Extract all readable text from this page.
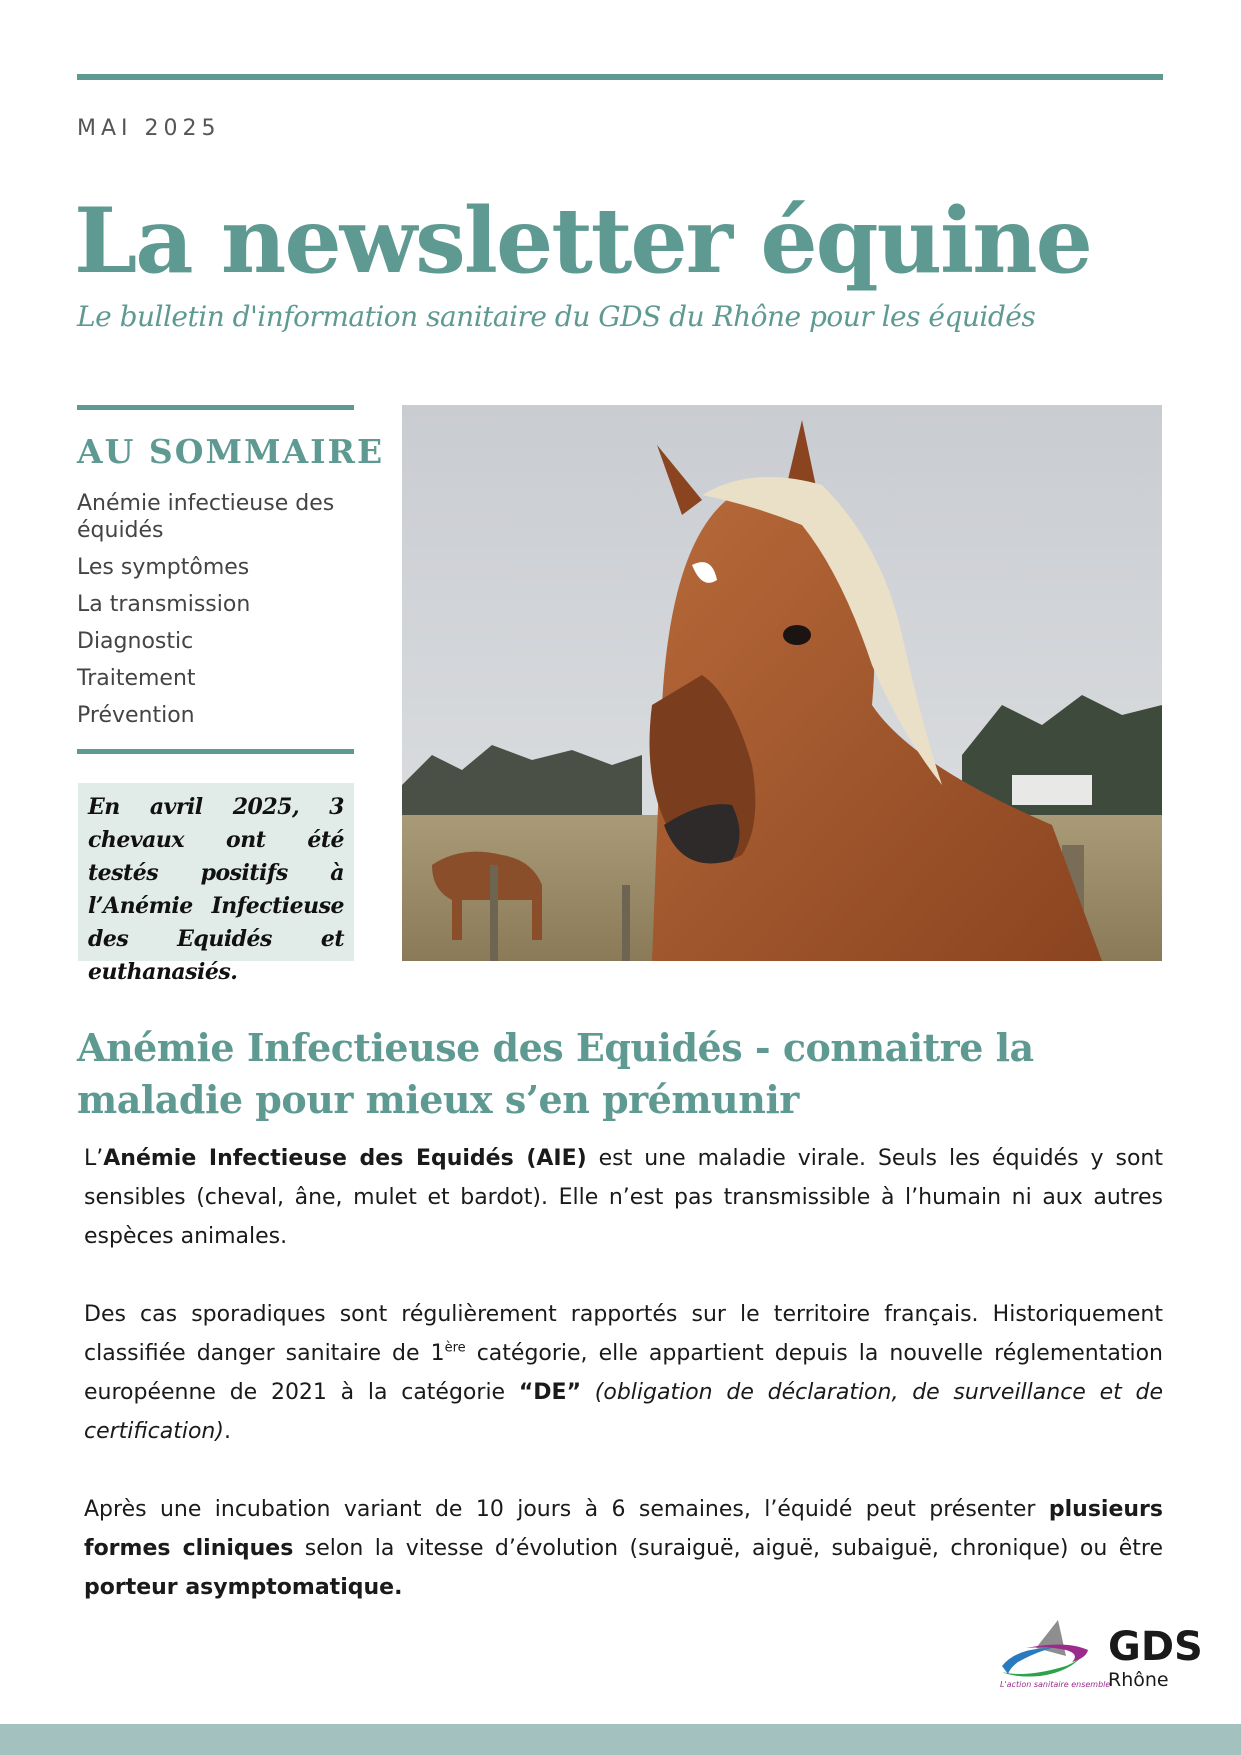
MAI 2025
La newsletter équine
Le bulletin d'information sanitaire du GDS du Rhône pour les équidés
AU SOMMAIRE
Anémie infectieuse des équidés
Les symptômes
La transmission
Diagnostic
Traitement
Prévention

En avril 2025, 3 chevaux ont été testés positifs à l’Anémie Infectieuse des Equidés et euthanasiés.

Anémie Infectieuse des Equidés - connaitre la maladie pour mieux s’en prémunir

L’Anémie Infectieuse des Equidés (AIE) est une maladie virale. Seuls les équidés y sont sensibles (cheval, âne, mulet et bardot). Elle n’est pas transmissible à l’humain ni aux autres espèces animales.

Des cas sporadiques sont régulièrement rapportés sur le territoire français. Historiquement classifiée danger sanitaire de 1ère catégorie, elle appartient depuis la nouvelle réglementation européenne de 2021 à la catégorie “DE” (obligation de déclaration, de surveillance et de certification).

Après une incubation variant de 10 jours à 6 semaines, l’équidé peut présenter plusieurs formes cliniques selon la vitesse d’évolution (suraiguë, aiguë, subaiguë, chronique) ou être porteur asymptomatique.

GDS
Rhône
L'action sanitaire ensemble
